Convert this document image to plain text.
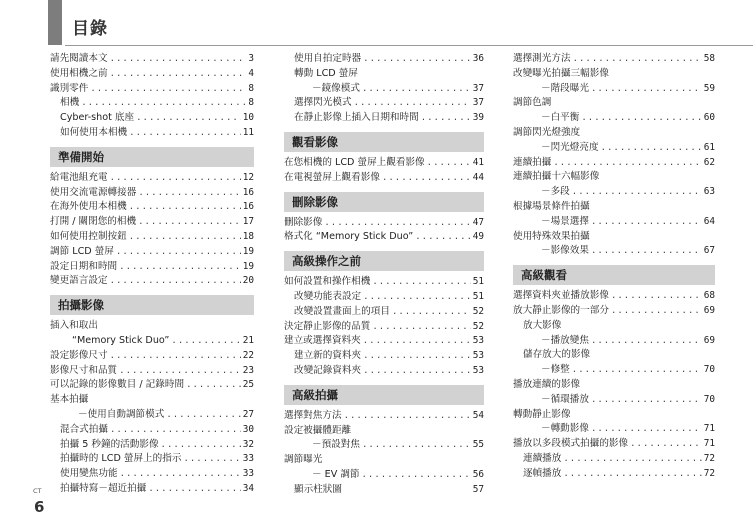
目錄
請先閱讀本文 .....	3
使用相機之前 .....	4
識別零件 .....	8
相機 .....	8
Cyber-shot 底座 .....	10
如何使用本相機 .....	11
準備開始
給電池組充電 .....	12
使用交流電源轉接器 .....	16
在海外使用本相機 .....	16
打開 / 關閉您的相機 .....	17
如何使用控制按鈕 .....	18
調節 LCD 螢屏 .....	19
設定日期和時間 .....	19
變更語言設定 .....	20
拍攝影像
插入和取出
“Memory Stick Duo” .....	21
設定影像尺寸 .....	22
影像尺寸和品質 .....	23
可以記錄的影像數目 / 記錄時間 .....	25
基本拍攝
－使用自動調節模式 .....	27
混合式拍攝 .....	30
拍攝 5 秒鐘的活動影像 .....	32
拍攝時的 LCD 螢屏上的指示 .....	33
使用變焦功能 .....	33
拍攝特寫－超近拍攝 .....	34
使用自拍定時器 .....	36
轉動 LCD 螢屏
－鏡像模式 .....	37
選擇閃光模式 .....	37
在靜止影像上插入日期和時間 .....	39
觀看影像
在您相機的 LCD 螢屏上觀看影像 .....	41
在電視螢屏上觀看影像 .....	44
刪除影像
刪除影像 .....	47
格式化 “Memory Stick Duo” .....	49
高級操作之前
如何設置和操作相機 .....	51
改變功能表設定 .....	51
改變設置畫面上的項目 .....	52
決定靜止影像的品質 .....	52
建立或選擇資料夾 .....	53
建立新的資料夾 .....	53
改變記錄資料夾 .....	53
高級拍攝
選擇對焦方法 .....	54
設定被攝體距離
－預設對焦 .....	55
調節曝光
－ EV 調節 .....	56
顯示柱狀圖	57
選擇測光方法 .....	58
改變曝光拍攝三幅影像
－階段曝光 .....	59
調節色調
－白平衡 .....	60
調節閃光燈強度
－閃光燈亮度 .....	61
連續拍攝 .....	62
連續拍攝十六幅影像
－多段 .....	63
根據場景條件拍攝
－場景選擇 .....	64
使用特殊效果拍攝
－影像效果 .....	67
高級觀看
選擇資料夾並播放影像 .....	68
放大靜止影像的一部分 .....	69
放大影像
－播放變焦 .....	69
儲存放大的影像
－修整 .....	70
播放連續的影像
－循環播放 .....	70
轉動靜止影像
－轉動影像 .....	71
播放以多段模式拍攝的影像 .....	71
連續播放 .....	72
逐幀播放 .....	72
CT
6
